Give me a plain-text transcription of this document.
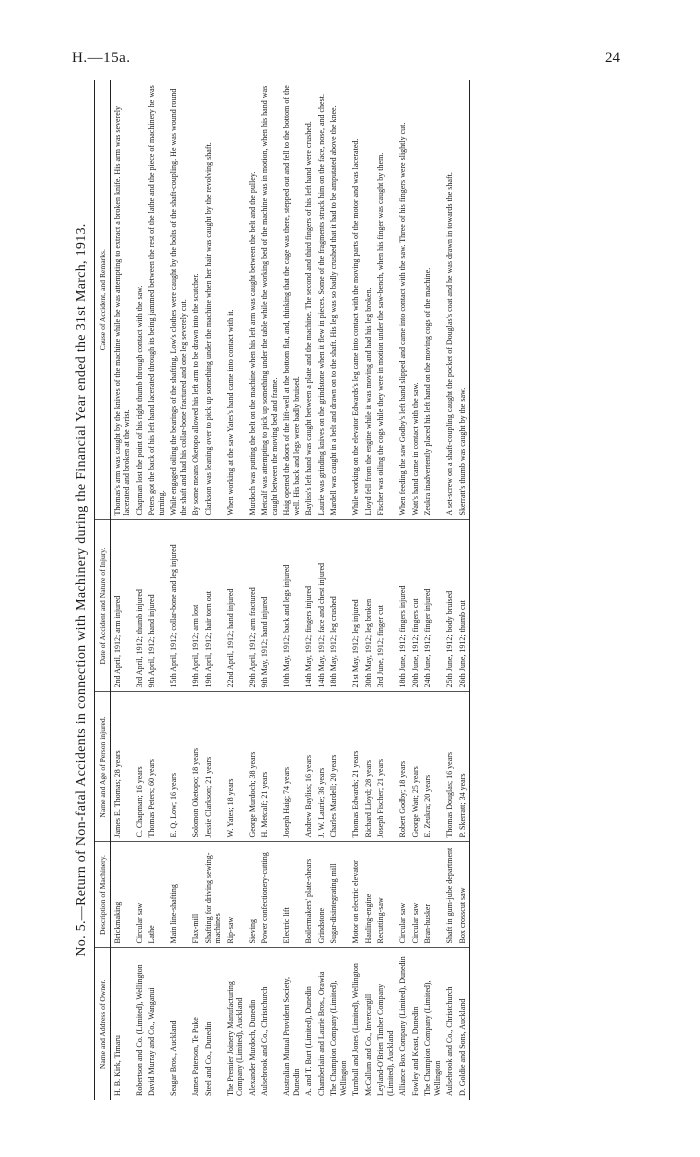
H.—15a.	24
No. 5.—Return of Non-fatal Accidents in connection with Machinery during the Financial Year ended the 31st March, 1913.
Name and Address of Owner.	Description of Machinery.	Name and Age of Person injured.	Date of Accident and Nature of Injury.	Cause of Accident, and Remarks.
H. B. Kirk, Timaru	Brickmaking	James E. Thomas; 28 years	2nd April, 1912; arm injured	Thomas's arm was caught by the knives of the machine while he was attempting to extract a broken knife. His arm was severely lacerated and broken at the wrist.
Robertson and Co. (Limited), Wellington	Circular saw	C. Chapman; 16 years	3rd April, 1912; thumb injured	Chapman lost the point of his right thumb through contact with the saw.
David Murray and Co., Wanganui	Lathe	Thomas Peters; 60 years	9th April, 1912; hand injured	Peters got the back of his left hand lacerated through its being jammed between the rest of the lathe and the piece of machinery he was turning.
Seagar Bros., Auckland	Main line-shafting	E. Q. Low; 16 years	15th April, 1912; collar-bone and leg injured	While engaged oiling the bearings of the shafting, Low's clothes were caught by the bolts of the shaft-coupling. He was wound round the shaft and had his collar-bone fractured and one leg severely cut.
James Paterson, Te Puke	Flax-mill	Solomon Oketopo; 18 years	19th April, 1912; arm lost	By some means Oketopo allowed his left arm to be drawn into the scutcher.
Steel and Co., Dunedin	Shafting for driving sewing-machines	Jessie Clarkson; 21 years	19th April, 1912; hair torn out	Clarkson was leaning over to pick up something under the machine when her hair was caught by the revolving shaft.
The Premier Joinery Manufacturing Company (Limited), Auckland	Rip-saw	W. Yates; 18 years	22nd April, 1912; hand injured	When working at the saw Yates's hand came into contact with it.
Alexander Murdoch, Dunedin	Sieving	George Murdoch; 38 years	29th April, 1912; arm fractured	Murdoch was putting the belt on the machine when his left arm was caught between the belt and the pulley.
Aulsebrook and Co., Christchurch	Power confectionery-cutting	H. Metcalf; 21 years	9th May, 1912; hand injured	Metcalf was attempting to pick up something under the table while the working bed of the machine was in motion, when his hand was caught between the moving bed and frame.
Australian Mutual Provident Society, Dunedin	Electric lift	Joseph Haig; 74 years	10th May, 1912; back and legs injured	Haig opened the doors of the lift-well at the bottom flat, and, thinking that the cage was there, stepped out and fell to the bottom of the well. His back and legs were badly bruised.
A. and T. Burt (Limited), Dunedin	Boilermakers' plate-shears	Andrew Bayliss; 16 years	14th May, 1912; fingers injured	Bayliss's left hand was caught between a plate and the machine. The second and third fingers of his left hand were crushed.
Chamberlain and Laurie Bros., Orawia	Grindstone	J. W. Laurie; 36 years	14th May, 1912; face and chest injured	Laurie was grinding knives on the grindstone when it flew in pieces. Some of the fragments struck him on the face, nose, and chest.
The Champion Company (Limited), Wellington	Sugar-disintegrating mill	Charles Mardell; 20 years	18th May, 1912; leg crushed	Mardell was caught in a belt and drawn on to the shaft. His leg was so badly crushed that it had to be amputated above the knee.
Turnbull and Jones (Limited), Wellington	Motor on electric elevator	Thomas Edwards; 21 years	21st May, 1912; leg injured	While working on the elevator Edwards's leg came into contact with the moving parts of the motor and was lacerated.
McCallum and Co., Invercargill	Hauling-engine	Richard Lloyd; 28 years	30th May, 1912; leg broken	Lloyd fell from the engine while it was moving and had his leg broken.
Leyland-O'Brien Timber Company (Limited), Auckland	Recutting-saw	Joseph Fischer; 21 years	3rd June, 1912; finger cut	Fischer was oiling the cogs while they were in motion under the saw-bench, when his finger was caught by them.
Alliance Box Company (Limited), Dunedin	Circular saw	Robert Godby; 18 years	18th June, 1912; fingers injured	When feeding the saw Godby's left hand slipped and came into contact with the saw. Three of his fingers were slightly cut.
Fowley and Keast, Dunedin	Circular saw	George Watt; 25 years	20th June, 1912; fingers cut	Watt's hand came in contact with the saw.
The Champion Company (Limited), Wellington	Bran-husker	E. Zeukra; 20 years	24th June, 1912; finger injured	Zeukra inadvertently placed his left hand on the moving cogs of the machine.
Aulsebrook and Co., Christchurch	Shaft in gum-jube department	Thomas Douglas; 16 years	25th June, 1912; body bruised	A set-screw on a shaft-coupling caught the pocket of Douglas's coat and he was drawn in towards the shaft.
D. Goldie and Sons, Auckland	Box crosscut saw	P. Skerratt; 34 years	26th June, 1912; thumb cut	Skerratt's thumb was caught by the saw.
